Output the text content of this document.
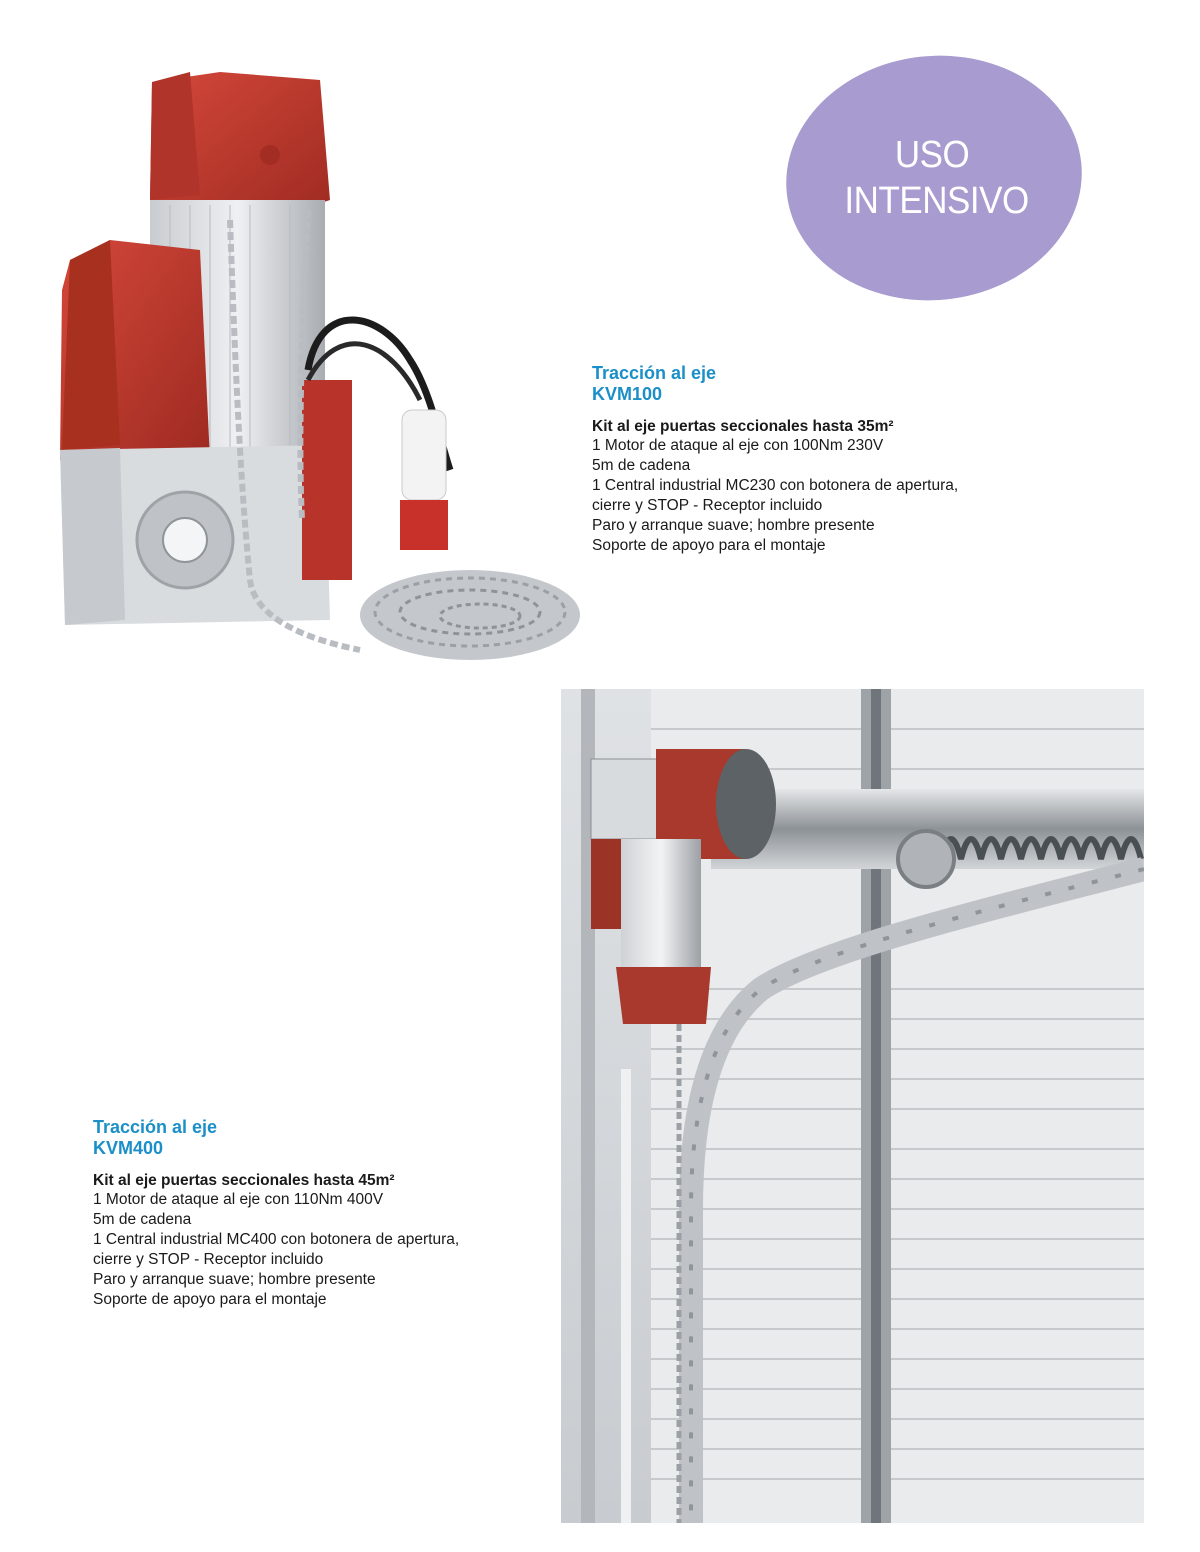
USO
INTENSIVO

Tracción al eje

KVM100

Kit al eje puertas seccionales hasta 35m²
1 Motor de ataque al eje con 100Nm 230V
5m de cadena
1 Central industrial MC230 con botonera de apertura,
cierre y STOP - Receptor incluido
Paro y arranque suave; hombre presente
Soporte de apoyo para el montaje

Tracción al eje

KVM400

Kit al eje puertas seccionales hasta 45m²
1 Motor de ataque al eje con 110Nm 400V
5m de cadena
1 Central industrial MC400 con botonera de apertura,
cierre y STOP - Receptor incluido
Paro y arranque suave; hombre presente
Soporte de apoyo para el montaje
